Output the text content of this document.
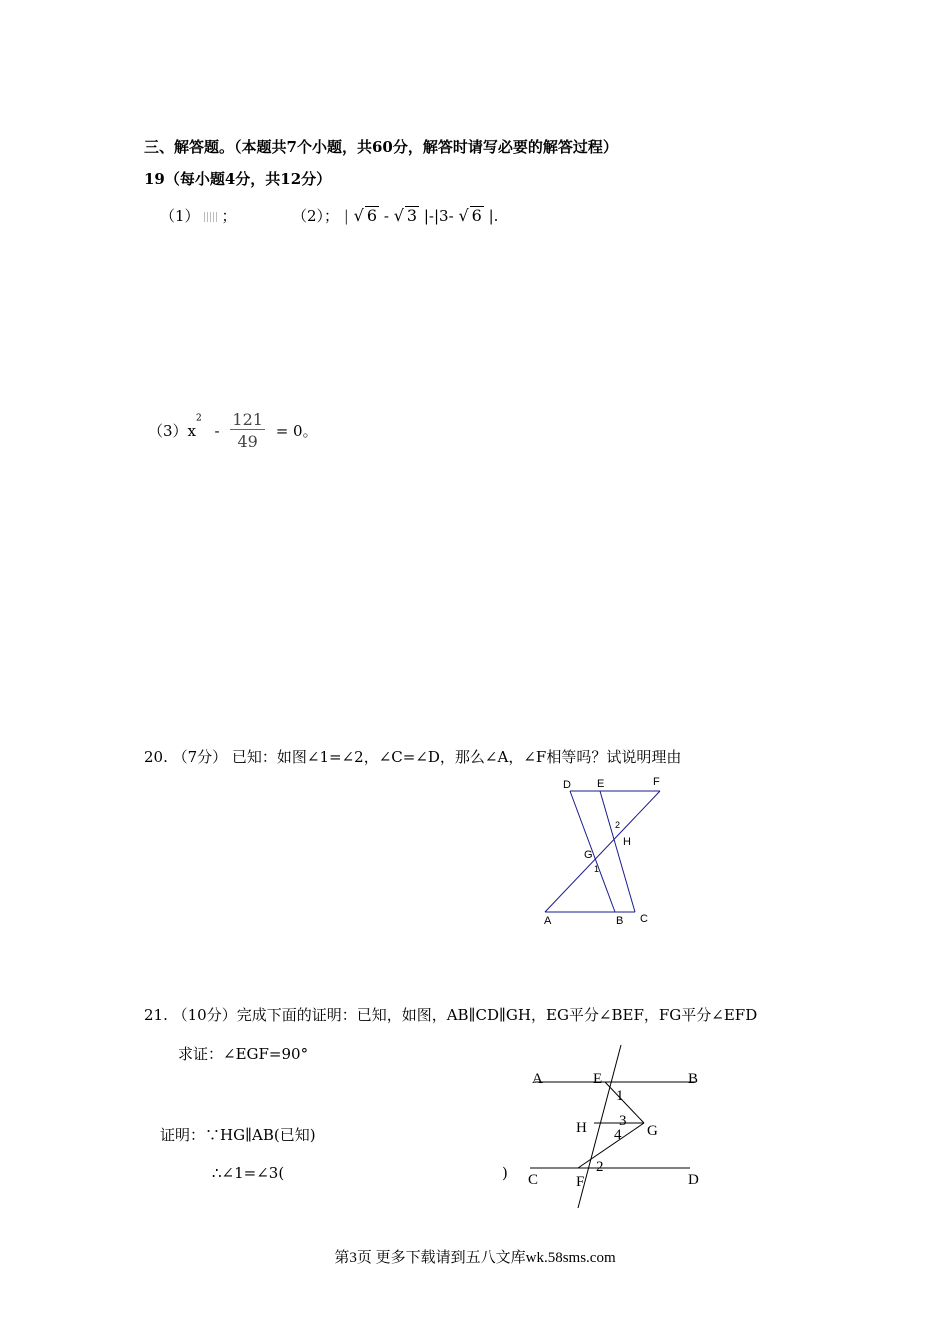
三、解答题。（本题共7个小题，共60分，解答时请写必要的解答过程）
19（每小题4分，共12分）
（1） ；	（2）； | √ 6 - √ 3 |-|3- √ 6 |.
$(3)x^2 - \frac{121}{49} = 0$。
20. （7分） 已知：如图∠1=∠2，∠C=∠D，那么∠A，∠F相等吗？试说明理由
D E	F
2
H
G
1
A	B C
21. （10分）完成下面的证明：已知，如图，AB∥CD∥GH，EG平分∠BEF，FG平分∠EFD
求证：∠EGF=90°
证明：∵HG∥AB(已知)
∴∠1=∠3(	)
A	E	B
1
H 3
G
4
2
C	F	D
第3页 更多下载请到五八文库wk.58sms.com
